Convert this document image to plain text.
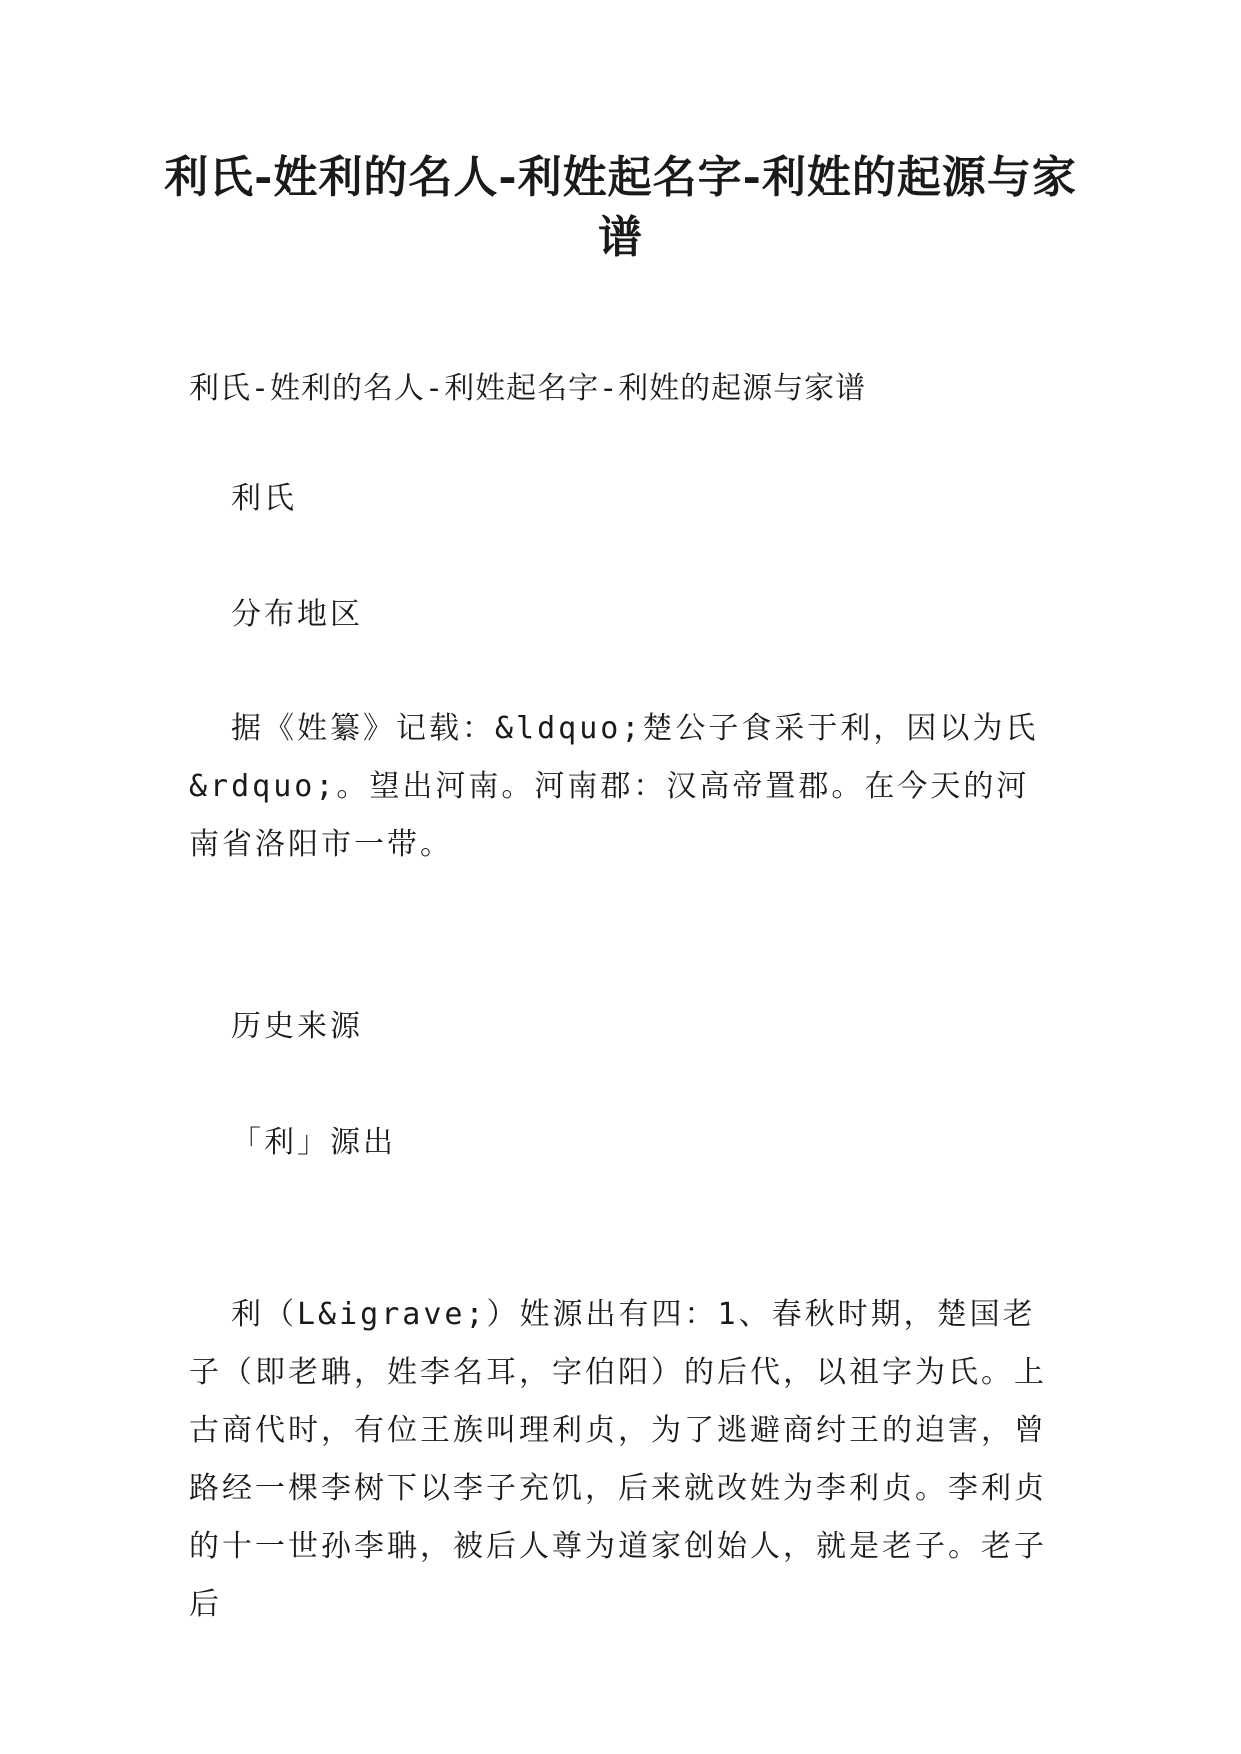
利氏-姓利的名人-利姓起名字-利姓的起源与家谱

利氏-姓利的名人-利姓起名字-利姓的起源与家谱

利氏

分布地区

据《姓纂》记载：&ldquo;楚公子食采于利，因以为氏&rdquo;。望出河南。河南郡：汉高帝置郡。在今天的河南省洛阳市一带。

历史来源

「利」源出

利（L&igrave;）姓源出有四：1、春秋时期，楚国老子（即老聃，姓李名耳，字伯阳）的后代，以祖字为氏。上古商代时，有位王族叫理利贞，为了逃避商纣王的迫害，曾路经一棵李树下以李子充饥，后来就改姓为李利贞。李利贞的十一世孙李聃，被后人尊为道家创始人，就是老子。老子后
